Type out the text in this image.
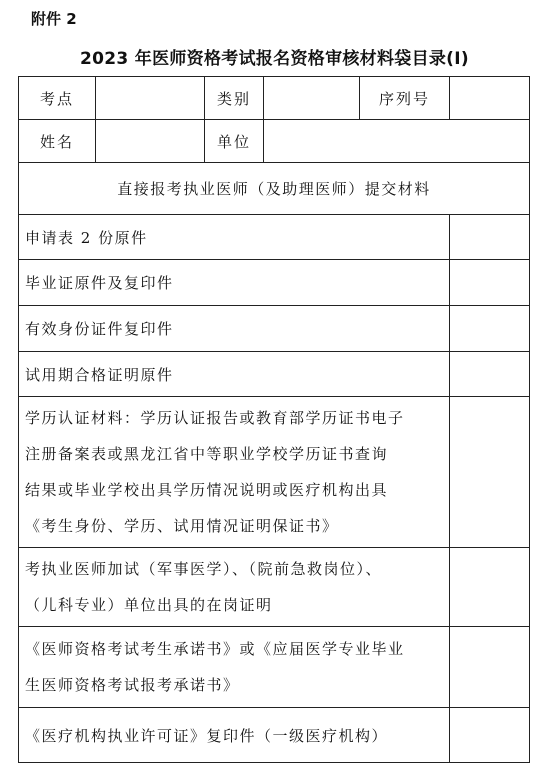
附件 2
2023 年医师资格考试报名资格审核材料袋目录(I)
考点		类别		序列号	
姓名		单位			
直接报考执业医师（及助理医师）提交材料					
申请表 2 份原件					
毕业证原件及复印件					
有效身份证件复印件					
试用期合格证明原件					

学历认证材料：学历认证报告或教育部学历证书电子
注册备案表或黑龙江省中等职业学校学历证书查询
结果或毕业学校出具学历情况说明或医疗机构出具
《考生身份、学历、试用情况证明保证书》					

考执业医师加试（军事医学）、（院前急救岗位）、
（儿科专业）单位出具的在岗证明					

《医师资格考试考生承诺书》或《应届医学专业毕业
生医师资格考试报考承诺书》					

《医疗机构执业许可证》复印件（一级医疗机构）					
